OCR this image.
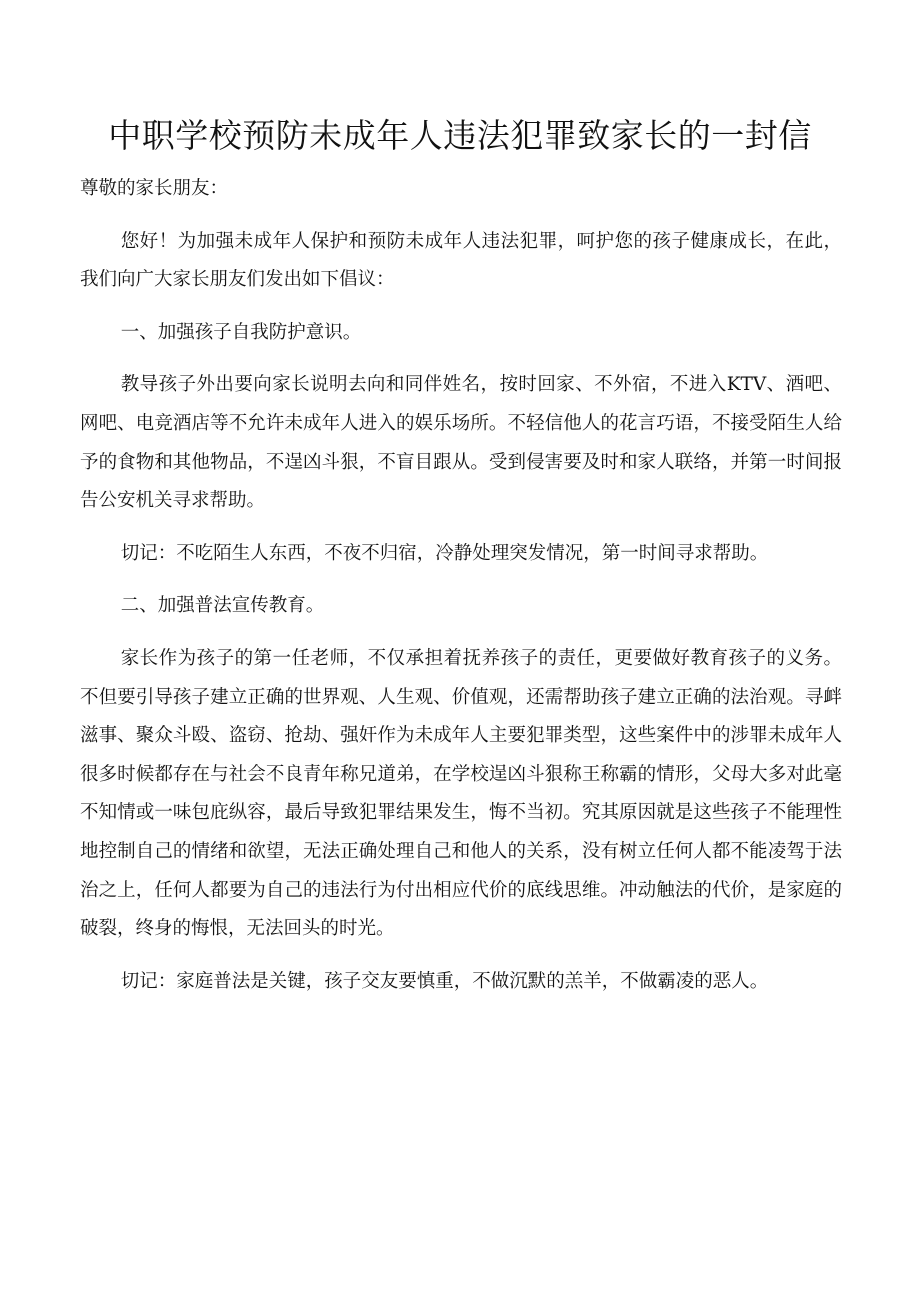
中职学校预防未成年人违法犯罪致家长的一封信

尊敬的家长朋友：

您好！为加强未成年人保护和预防未成年人违法犯罪，呵护您的孩子健康成长，在此，我们向广大家长朋友们发出如下倡议：

一、加强孩子自我防护意识。

教导孩子外出要向家长说明去向和同伴姓名，按时回家、不外宿，不进入KTV、酒吧、网吧、电竞酒店等不允许未成年人进入的娱乐场所。不轻信他人的花言巧语，不接受陌生人给予的食物和其他物品，不逞凶斗狠，不盲目跟从。受到侵害要及时和家人联络，并第一时间报告公安机关寻求帮助。

切记：不吃陌生人东西，不夜不归宿，冷静处理突发情况，第一时间寻求帮助。

二、加强普法宣传教育。

家长作为孩子的第一任老师，不仅承担着抚养孩子的责任，更要做好教育孩子的义务。不但要引导孩子建立正确的世界观、人生观、价值观，还需帮助孩子建立正确的法治观。寻衅滋事、聚众斗殴、盗窃、抢劫、强奸作为未成年人主要犯罪类型，这些案件中的涉罪未成年人很多时候都存在与社会不良青年称兄道弟，在学校逞凶斗狠称王称霸的情形，父母大多对此毫不知情或一味包庇纵容，最后导致犯罪结果发生，悔不当初。究其原因就是这些孩子不能理性地控制自己的情绪和欲望，无法正确处理自己和他人的关系，没有树立任何人都不能凌驾于法治之上，任何人都要为自己的违法行为付出相应代价的底线思维。冲动触法的代价，是家庭的破裂，终身的悔恨，无法回头的时光。

切记：家庭普法是关键，孩子交友要慎重，不做沉默的羔羊，不做霸凌的恶人。
